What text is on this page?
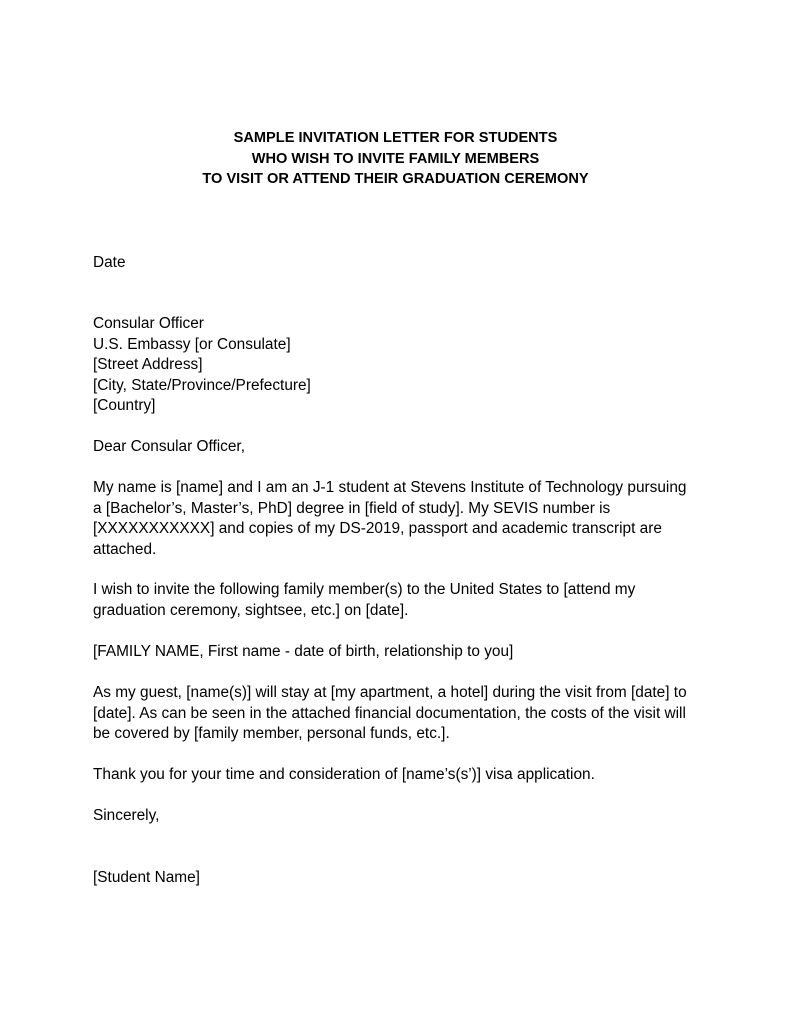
SAMPLE INVITATION LETTER FOR STUDENTS
WHO WISH TO INVITE FAMILY MEMBERS
TO VISIT OR ATTEND THEIR GRADUATION CEREMONY
Date
Consular Officer
U.S. Embassy [or Consulate]
[Street Address]
[City, State/Province/Prefecture]
[Country]
Dear Consular Officer,
My name is [name] and I am an J-1 student at Stevens Institute of Technology pursuing
a [Bachelor’s, Master’s, PhD] degree in [field of study]. My SEVIS number is
[XXXXXXXXXXX] and copies of my DS-2019, passport and academic transcript are
attached.
I wish to invite the following family member(s) to the United States to [attend my
graduation ceremony, sightsee, etc.] on [date].
[FAMILY NAME, First name - date of birth, relationship to you]
As my guest, [name(s)] will stay at [my apartment, a hotel] during the visit from [date] to
[date]. As can be seen in the attached financial documentation, the costs of the visit will
be covered by [family member, personal funds, etc.].
Thank you for your time and consideration of [name’s(s’)] visa application.
Sincerely,
[Student Name]
